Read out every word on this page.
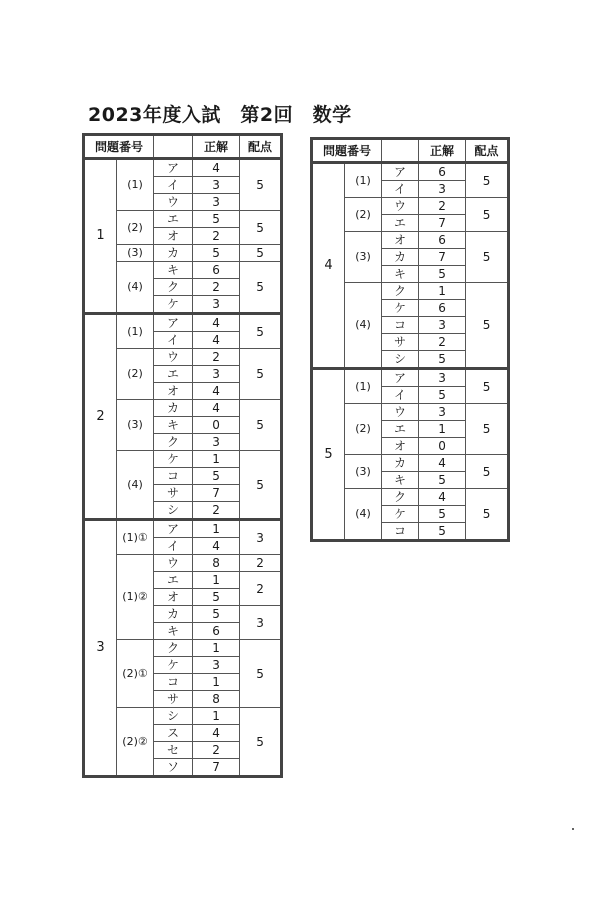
2023年度入試　第2回　数学
問題番号			正解	配点
1	(1)	ア	4	5
		イ	3	
		ウ	3	
	(2)	エ	5	5
		オ	2	
	(3)	カ	5	5
	(4)	キ	6	5
		ク	2	
		ケ	3	
2	(1)	ア	4	5
		イ	4	
	(2)	ウ	2	5
		エ	3	
		オ	4	
	(3)	カ	4	5
		キ	0	
		ク	3	
	(4)	ケ	1	5
		コ	5	
		サ	7	
		シ	2	
3	(1)①	ア	1	3
		イ	4	
	(1)②	ウ	8	2
		エ	1	2
		オ	5	
		カ	5	3
		キ	6	
	(2)①	ク	1	5
		ケ	3	
		コ	1	
		サ	8	
	(2)②	シ	1	5
		ス	4	
		セ	2	
		ソ	7	
問題番号			正解	配点
4	(1)	ア	6	5
		イ	3	
	(2)	ウ	2	5
		エ	7	
	(3)	オ	6	5
		カ	7	
		キ	5	
	(4)	ク	1	5
		ケ	6	
		コ	3	
		サ	2	
		シ	5	
5	(1)	ア	3	5
		イ	5	
	(2)	ウ	3	5
		エ	1	
		オ	0	
	(3)	カ	4	5
		キ	5	
	(4)	ク	4	5
		ケ	5	
		コ	5	
